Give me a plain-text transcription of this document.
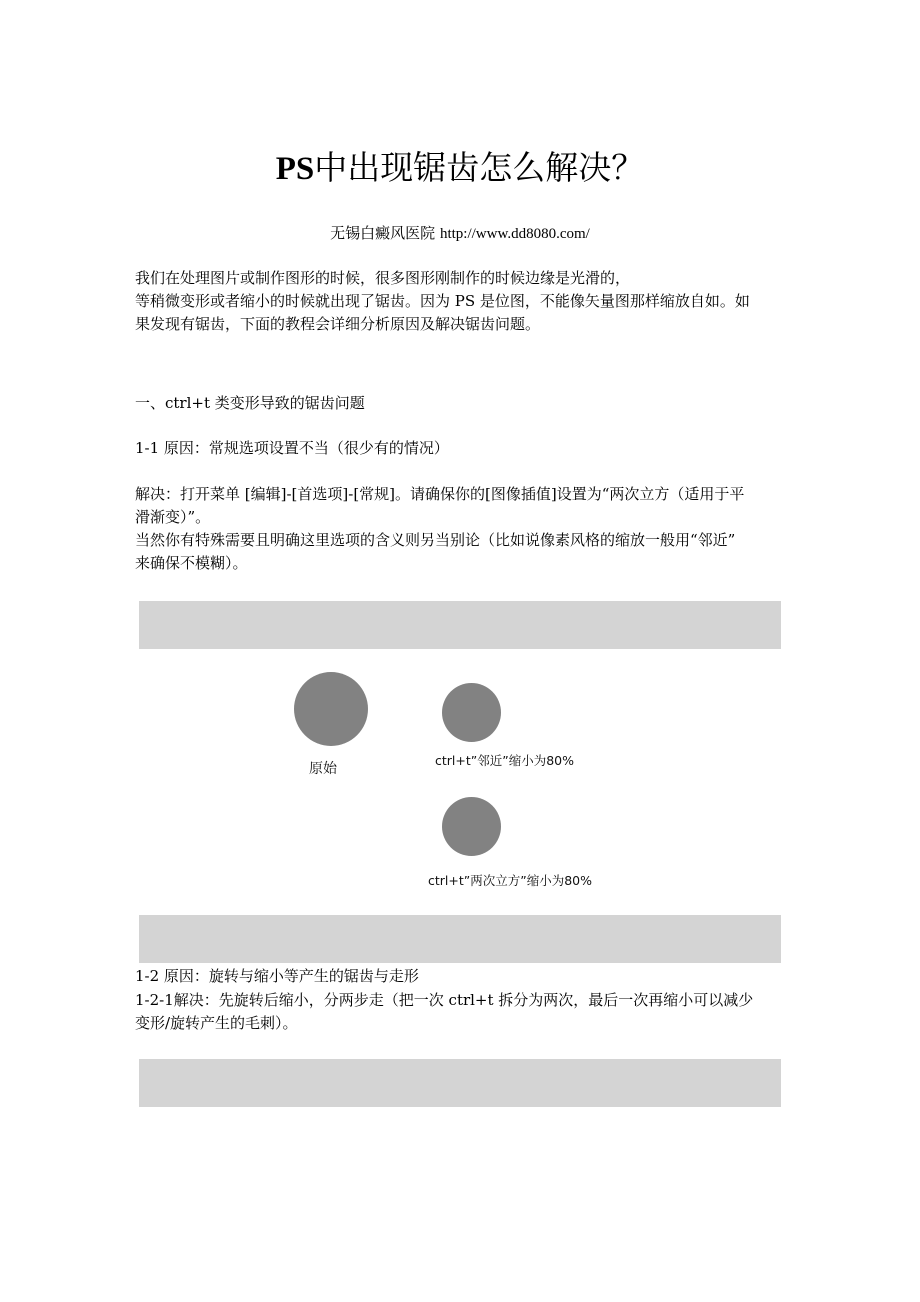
PS中出现锯齿怎么解决？
无锡白癜风医院 http://www.dd8080.com/
我们在处理图片或制作图形的时候，很多图形刚制作的时候边缘是光滑的，
等稍微变形或者缩小的时候就出现了锯齿。因为 PS 是位图，不能像矢量图那样缩放自如。如
果发现有锯齿，下面的教程会详细分析原因及解决锯齿问题。
一、ctrl+t 类变形导致的锯齿问题
1-1 原因：常规选项设置不当（很少有的情况）
解决：打开菜单 [编辑]-[首选项]-[常规]。请确保你的[图像插值]设置为“两次立方（适用于平
滑渐变）”。
当然你有特殊需要且明确这里选项的含义则另当别论（比如说像素风格的缩放一般用“邻近”
来确保不模糊）。
原始
ctrl+t”邻近”缩小为80%
ctrl+t”两次立方”缩小为80%
1-2 原因：旋转与缩小等产生的锯齿与走形
1-2-1解决：先旋转后缩小，分两步走（把一次 ctrl+t 拆分为两次，最后一次再缩小可以减少
变形/旋转产生的毛刺）。
